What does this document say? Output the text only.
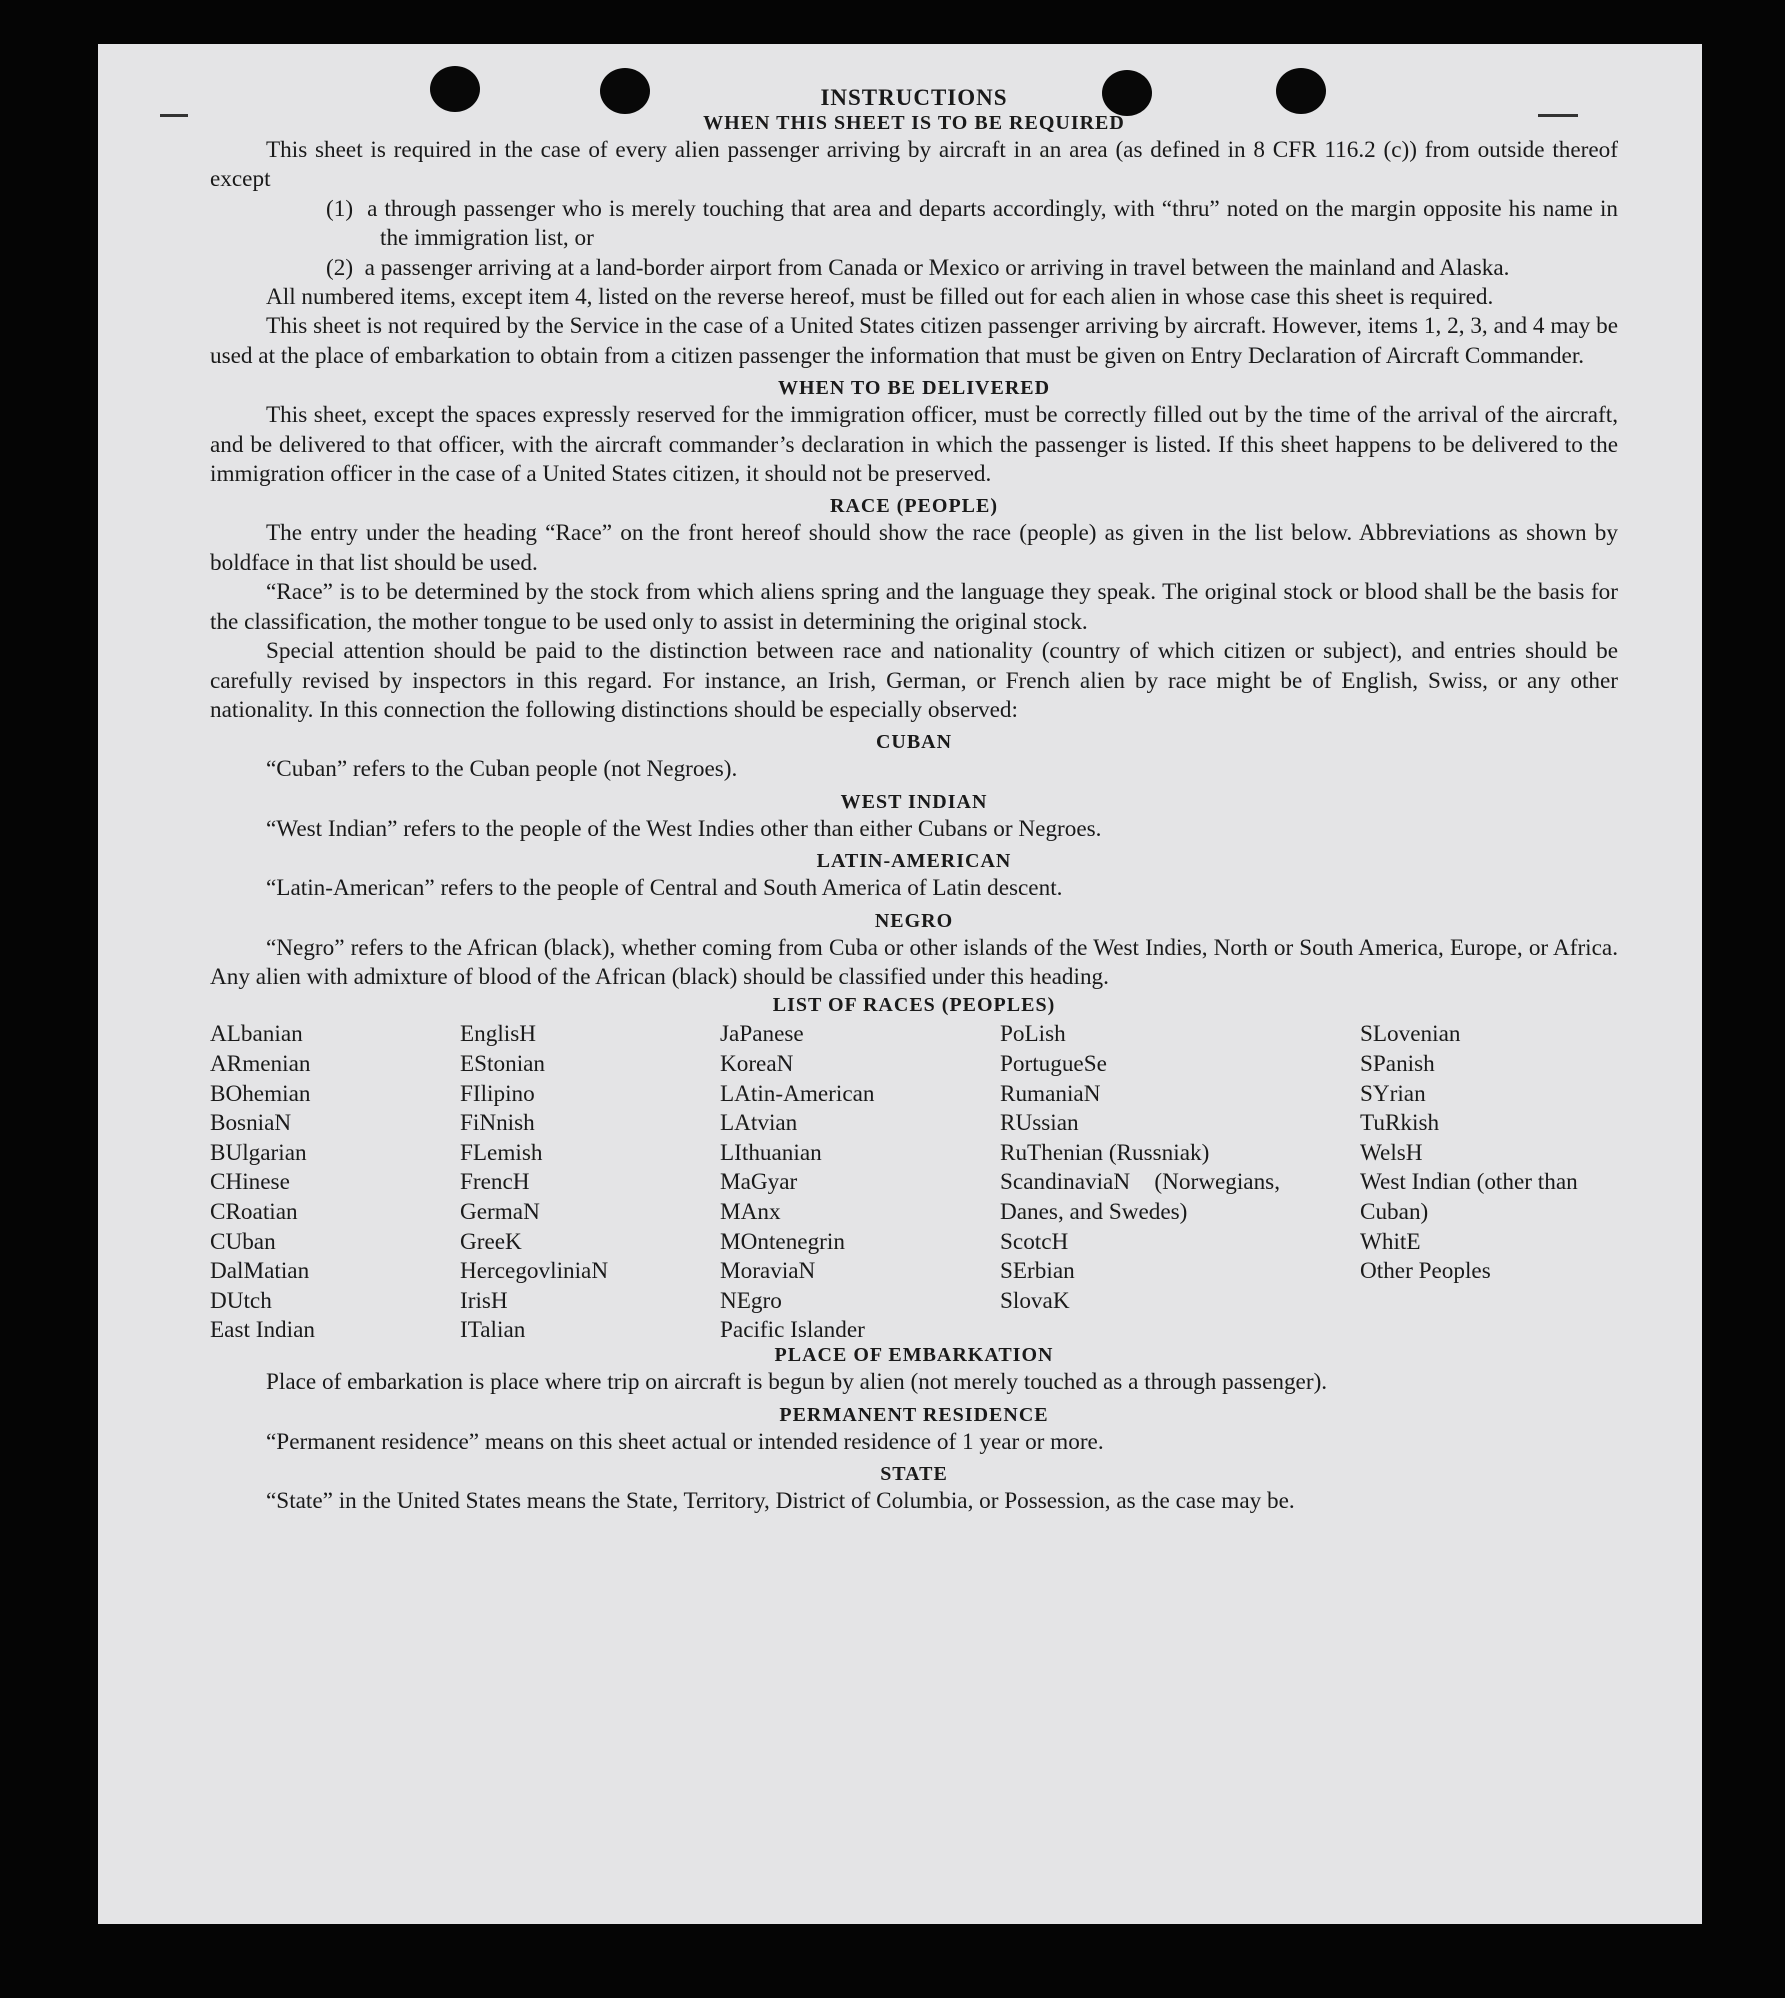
INSTRUCTIONS
WHEN THIS SHEET IS TO BE REQUIRED

This sheet is required in the case of every alien passenger arriving by aircraft in an area (as defined in 8 CFR 116.2 (c)) from outside thereof except

(1) a through passenger who is merely touching that area and departs accordingly, with “thru” noted on the margin opposite his name in the immigration list, or
(2) a passenger arriving at a land-border airport from Canada or Mexico or arriving in travel between the mainland and Alaska.

All numbered items, except item 4, listed on the reverse hereof, must be filled out for each alien in whose case this sheet is required.

This sheet is not required by the Service in the case of a United States citizen passenger arriving by aircraft. However, items 1, 2, 3, and 4 may be used at the place of embarkation to obtain from a citizen passenger the information that must be given on Entry Declaration of Aircraft Commander.

WHEN TO BE DELIVERED

This sheet, except the spaces expressly reserved for the immigration officer, must be correctly filled out by the time of the arrival of the aircraft, and be delivered to that officer, with the aircraft commander’s declaration in which the passenger is listed. If this sheet happens to be delivered to the immigration officer in the case of a United States citizen, it should not be preserved.

RACE (PEOPLE)

The entry under the heading “Race” on the front hereof should show the race (people) as given in the list below. Abbreviations as shown by boldface in that list should be used.

“Race” is to be determined by the stock from which aliens spring and the language they speak. The original stock or blood shall be the basis for the classification, the mother tongue to be used only to assist in determining the original stock.

Special attention should be paid to the distinction between race and nationality (country of which citizen or subject), and entries should be carefully revised by inspectors in this regard. For instance, an Irish, German, or French alien by race might be of English, Swiss, or any other nationality. In this connection the following distinctions should be especially observed:

CUBAN

“Cuban” refers to the Cuban people (not Negroes).

WEST INDIAN

“West Indian” refers to the people of the West Indies other than either Cubans or Negroes.

LATIN-AMERICAN

“Latin-American” refers to the people of Central and South America of Latin descent.

NEGRO

“Negro” refers to the African (black), whether coming from Cuba or other islands of the West Indies, North or South America, Europe, or Africa. Any alien with admixture of blood of the African (black) should be classified under this heading.

LIST OF RACES (PEOPLES)
ALbanian
ARmenian
BOhemian
BosniaN
BUlgarian
CHinese
CRoatian
CUban
DalMatian
DUtch
East Indian
EnglisH
EStonian
FIlipino
FiNnish
FLemish
FrencH
GermaN
GreeK
HercegovliniaN
IrisH
ITalian
JaPanese
KoreaN
LAtin-American
LAtvian
LIthuanian
MaGyar
MAnx
MOntenegrin
MoraviaN
NEgro
Pacific Islander
PoLish
PortugueSe
RumaniaN
RUssian
RuThenian (Russniak)
ScandinaviaN (Norwegians, Danes, and Swedes)
ScotcH
SErbian
SlovaK
SLovenian
SPanish
SYrian
TuRkish
WelsH
West Indian (other than Cuban)
WhitE
Other Peoples
PLACE OF EMBARKATION

Place of embarkation is place where trip on aircraft is begun by alien (not merely touched as a through passenger).

PERMANENT RESIDENCE

“Permanent residence” means on this sheet actual or intended residence of 1 year or more.

STATE

“State” in the United States means the State, Territory, District of Columbia, or Possession, as the case may be.
